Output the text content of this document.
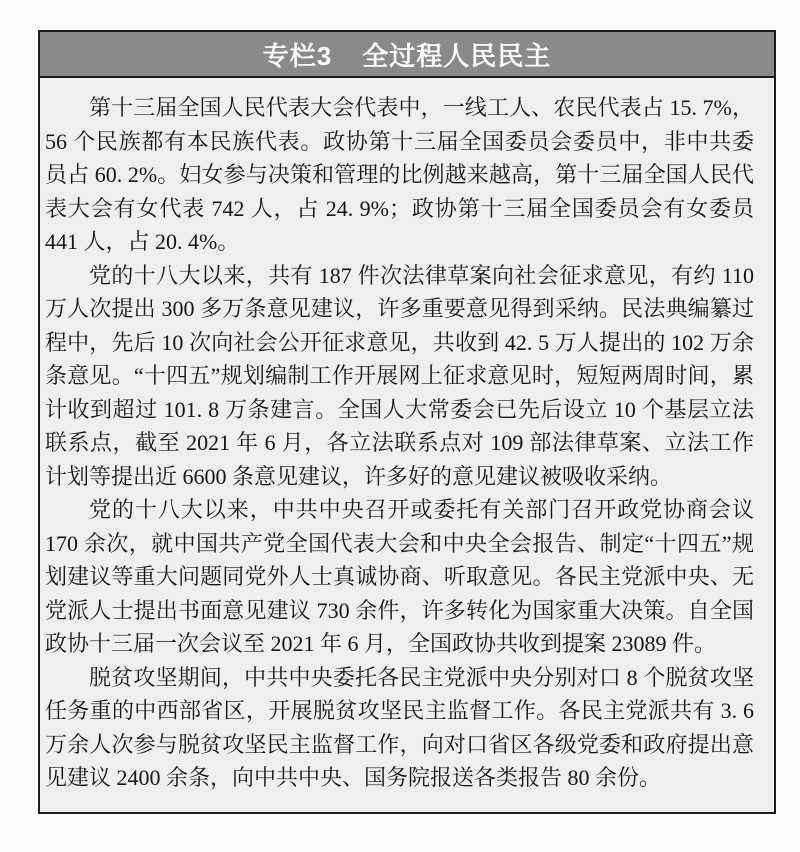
专栏3 全过程人民民主

第十三届全国人民代表大会代表中，一线工人、农民代表占 15. 7%，56 个民族都有本民族代表。政协第十三届全国委员会委员中，非中共委员占 60. 2%。妇女参与决策和管理的比例越来越高，第十三届全国人民代表大会有女代表 742 人，占 24. 9%；政协第十三届全国委员会有女委员 441 人，占 20. 4%。

党的十八大以来，共有 187 件次法律草案向社会征求意见，有约 110 万人次提出 300 多万条意见建议，许多重要意见得到采纳。民法典编纂过程中，先后 10 次向社会公开征求意见，共收到 42. 5 万人提出的 102 万余条意见。“十四五”规划编制工作开展网上征求意见时，短短两周时间，累计收到超过 101. 8 万条建言。全国人大常委会已先后设立 10 个基层立法联系点，截至 2021 年 6 月，各立法联系点对 109 部法律草案、立法工作计划等提出近 6600 条意见建议，许多好的意见建议被吸收采纳。

党的十八大以来，中共中央召开或委托有关部门召开政党协商会议 170 余次，就中国共产党全国代表大会和中央全会报告、制定“十四五”规划建议等重大问题同党外人士真诚协商、听取意见。各民主党派中央、无党派人士提出书面意见建议 730 余件，许多转化为国家重大决策。自全国政协十三届一次会议至 2021 年 6 月，全国政协共收到提案 23089 件。

脱贫攻坚期间，中共中央委托各民主党派中央分别对口 8 个脱贫攻坚任务重的中西部省区，开展脱贫攻坚民主监督工作。各民主党派共有 3. 6 万余人次参与脱贫攻坚民主监督工作，向对口省区各级党委和政府提出意见建议 2400 余条，向中共中央、国务院报送各类报告 80 余份。
